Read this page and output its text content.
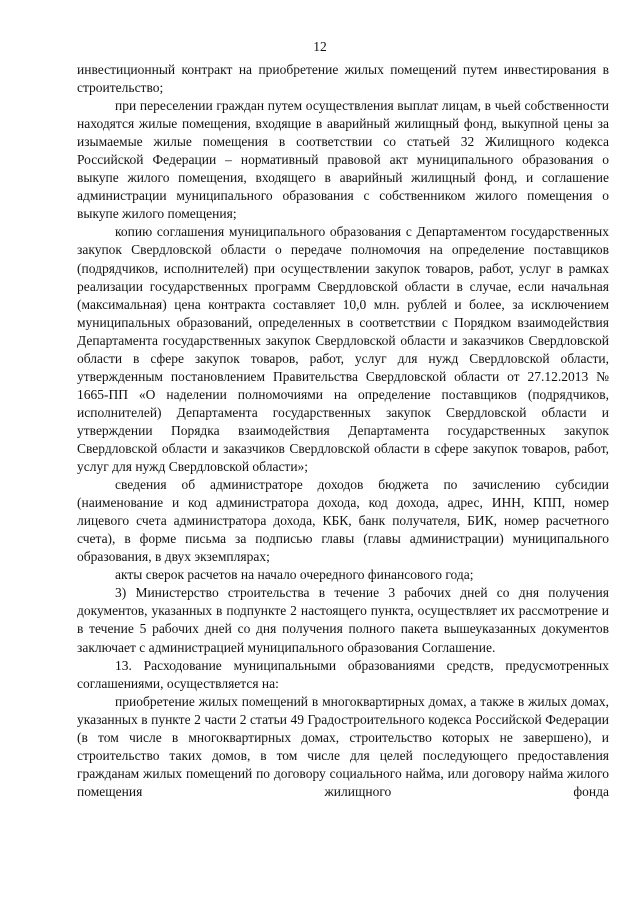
12

инвестиционный контракт на приобретение жилых помещений путем инвестирования в строительство;

при переселении граждан путем осуществления выплат лицам, в чьей собственности находятся жилые помещения, входящие в аварийный жилищный фонд, выкупной цены за изымаемые жилые помещения в соответствии со статьей 32 Жилищного кодекса Российской Федерации – нормативный правовой акт муниципального образования о выкупе жилого помещения, входящего в аварийный жилищный фонд, и соглашение администрации муниципального образования с собственником жилого помещения о выкупе жилого помещения;

копию соглашения муниципального образования с Департаментом государственных закупок Свердловской области о передаче полномочия на определение поставщиков (подрядчиков, исполнителей) при осуществлении закупок товаров, работ, услуг в рамках реализации государственных программ Свердловской области в случае, если начальная (максимальная) цена контракта составляет 10,0 млн. рублей и более, за исключением муниципальных образований, определенных в соответствии с Порядком взаимодействия Департамента государственных закупок Свердловской области и заказчиков Свердловской области в сфере закупок товаров, работ, услуг для нужд Свердловской области, утвержденным постановлением Правительства Свердловской области от 27.12.2013 № 1665-ПП «О наделении полномочиями на определение поставщиков (подрядчиков, исполнителей) Департамента государственных закупок Свердловской области и утверждении Порядка взаимодействия Департамента государственных закупок Свердловской области и заказчиков Свердловской области в сфере закупок товаров, работ, услуг для нужд Свердловской области»;

сведения об администраторе доходов бюджета по зачислению субсидии (наименование и код администратора дохода, код дохода, адрес, ИНН, КПП, номер лицевого счета администратора дохода, КБК, банк получателя, БИК, номер расчетного счета), в форме письма за подписью главы (главы администрации) муниципального образования, в двух экземплярах;

акты сверок расчетов на начало очередного финансового года;

3) Министерство строительства в течение 3 рабочих дней со дня получения документов, указанных в подпункте 2 настоящего пункта, осуществляет их рассмотрение и в течение 5 рабочих дней со дня получения полного пакета вышеуказанных документов заключает с администрацией муниципального образования Соглашение.

13. Расходование муниципальными образованиями средств, предусмотренных соглашениями, осуществляется на:

приобретение жилых помещений в многоквартирных домах, а также в жилых домах, указанных в пункте 2 части 2 статьи 49 Градостроительного кодекса Российской Федерации (в том числе в многоквартирных домах, строительство которых не завершено), и строительство таких домов, в том числе для целей последующего предоставления гражданам жилых помещений по договору социального найма, или договору найма жилого помещения жилищного фонда
